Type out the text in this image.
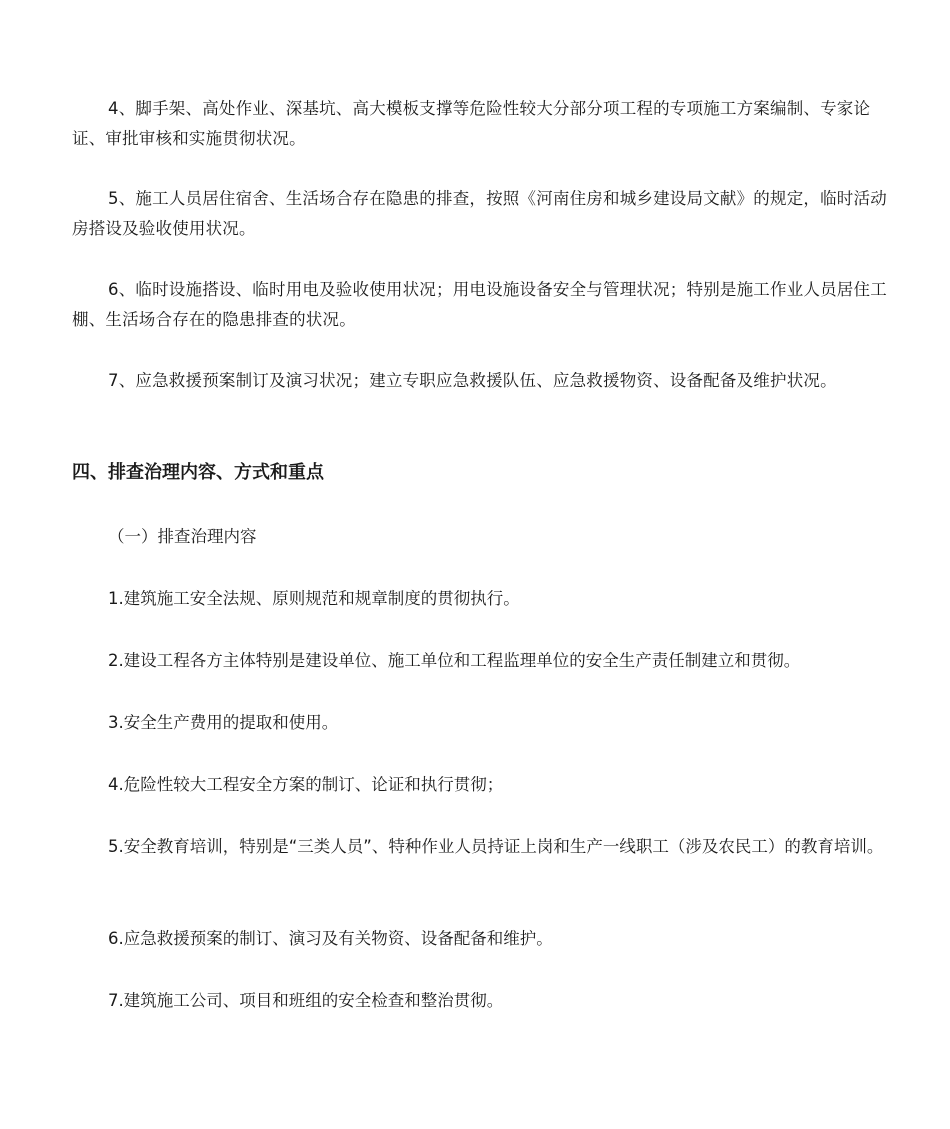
4、脚手架、高处作业、深基坑、高大模板支撑等危险性较大分部分项工程的专项施工方案编制、专家论证、审批审核和实施贯彻状况。

5、施工人员居住宿舍、生活场合存在隐患的排查，按照《河南住房和城乡建设局文献》的规定，临时活动房搭设及验收使用状况。

6、临时设施搭设、临时用电及验收使用状况；用电设施设备安全与管理状况；特别是施工作业人员居住工棚、生活场合存在的隐患排查的状况。

7、应急救援预案制订及演习状况；建立专职应急救援队伍、应急救援物资、设备配备及维护状况。

四、排查治理内容、方式和重点

（一）排查治理内容

1.建筑施工安全法规、原则规范和规章制度的贯彻执行。

2.建设工程各方主体特别是建设单位、施工单位和工程监理单位的安全生产责任制建立和贯彻。

3.安全生产费用的提取和使用。

4.危险性较大工程安全方案的制订、论证和执行贯彻；

5.安全教育培训，特别是“三类人员”、特种作业人员持证上岗和生产一线职工（涉及农民工）的教育培训。

6.应急救援预案的制订、演习及有关物资、设备配备和维护。

7.建筑施工公司、项目和班组的安全检查和整治贯彻。
